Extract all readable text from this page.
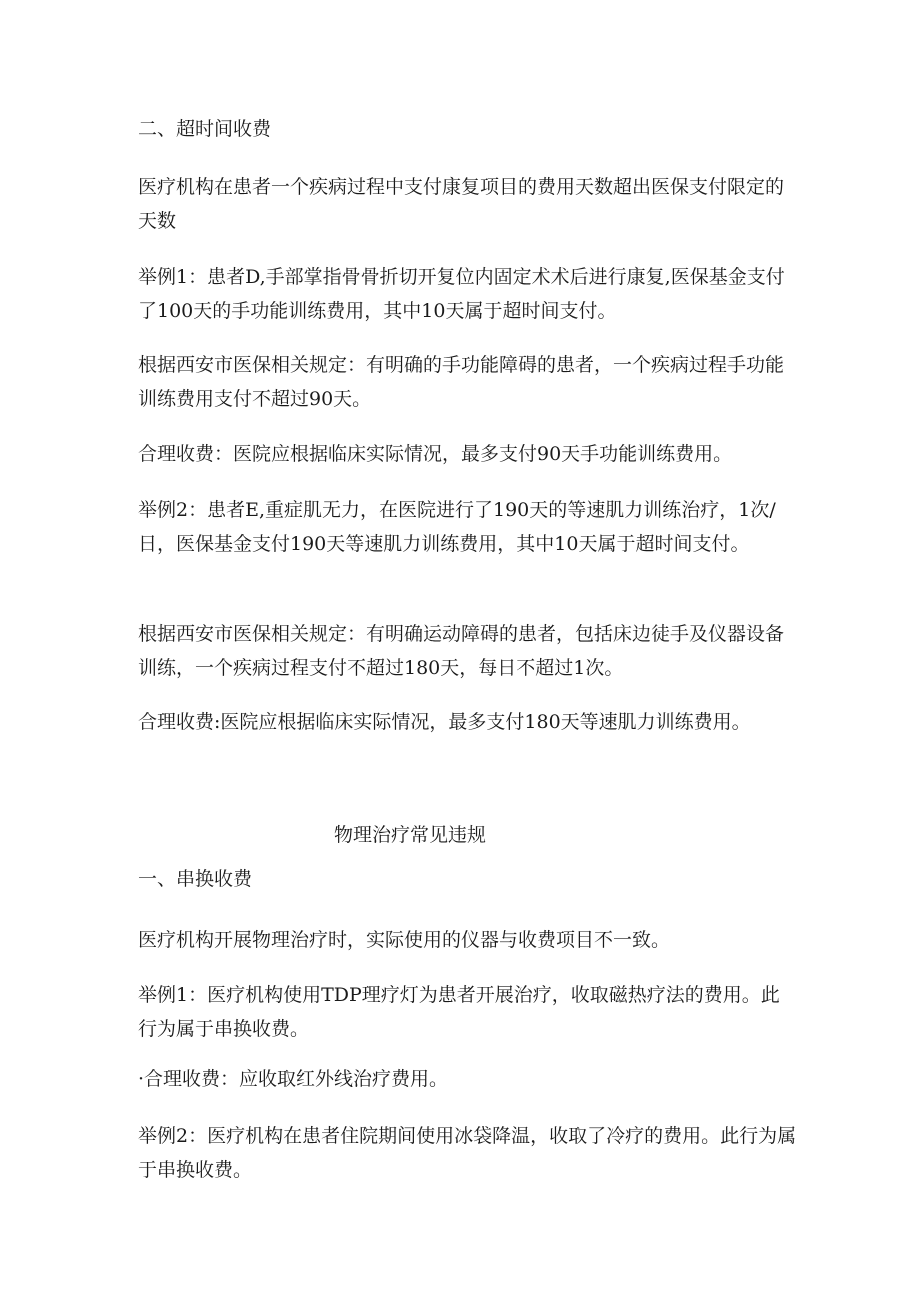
二、超时间收费

医疗机构在患者一个疾病过程中支付康复项目的费用天数超出医保支付限定的天数

举例1：患者D,手部掌指骨骨折切开复位内固定术术后进行康复,医保基金支付了100天的手功能训练费用，其中10天属于超时间支付。

根据西安市医保相关规定：有明确的手功能障碍的患者，一个疾病过程手功能训练费用支付不超过90天。

合理收费：医院应根据临床实际情况，最多支付90天手功能训练费用。

举例2：患者E,重症肌无力，在医院进行了190天的等速肌力训练治疗，1次/日，医保基金支付190天等速肌力训练费用，其中10天属于超时间支付。

根据西安市医保相关规定：有明确运动障碍的患者，包括床边徒手及仪器设备训练，一个疾病过程支付不超过180天，每日不超过1次。

合理收费:医院应根据临床实际情况，最多支付180天等速肌力训练费用。

物理治疗常见违规

一、串换收费

医疗机构开展物理治疗时，实际使用的仪器与收费项目不一致。

举例1：医疗机构使用TDP理疗灯为患者开展治疗，收取磁热疗法的费用。此行为属于串换收费。

·合理收费：应收取红外线治疗费用。

举例2：医疗机构在患者住院期间使用冰袋降温，收取了冷疗的费用。此行为属于串换收费。
